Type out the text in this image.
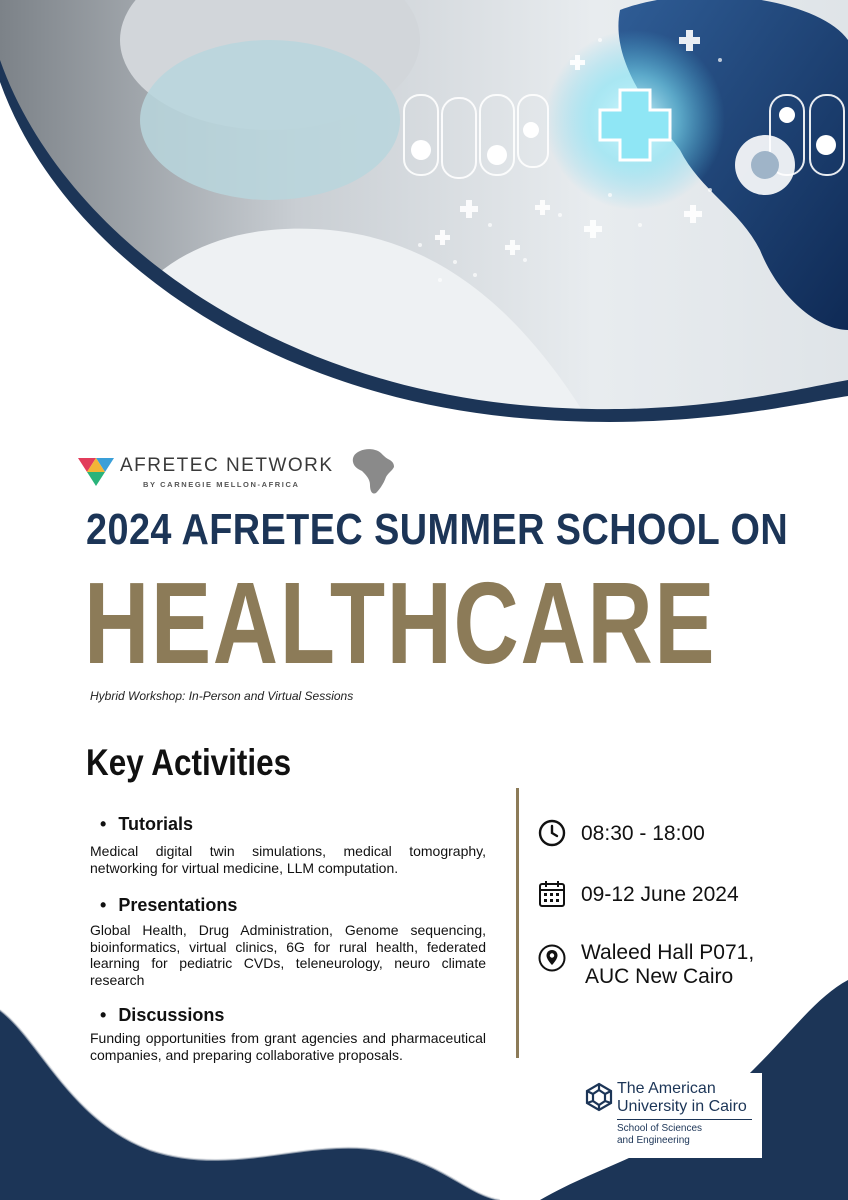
AFRETEC NETWORK
BY CARNEGIE MELLON-AFRICA
2024 AFRETEC SUMMER SCHOOL ON
HEALTHCARE
Hybrid Workshop: In-Person and Virtual Sessions
Key Activities
• Tutorials
Medical digital twin simulations, medical tomography, networking for virtual medicine, LLM computation.
• Presentations
Global Health, Drug Administration, Genome sequencing, bioinformatics, virtual clinics, 6G for rural health, federated learning for pediatric CVDs, teleneurology, neuro climate research
• Discussions
Funding opportunities from grant agencies and pharmaceutical companies, and preparing collaborative proposals.
08:30 - 18:00
09-12 June 2024
Waleed Hall P071,
AUC New Cairo
The American
University in Cairo
School of Sciences
and Engineering
